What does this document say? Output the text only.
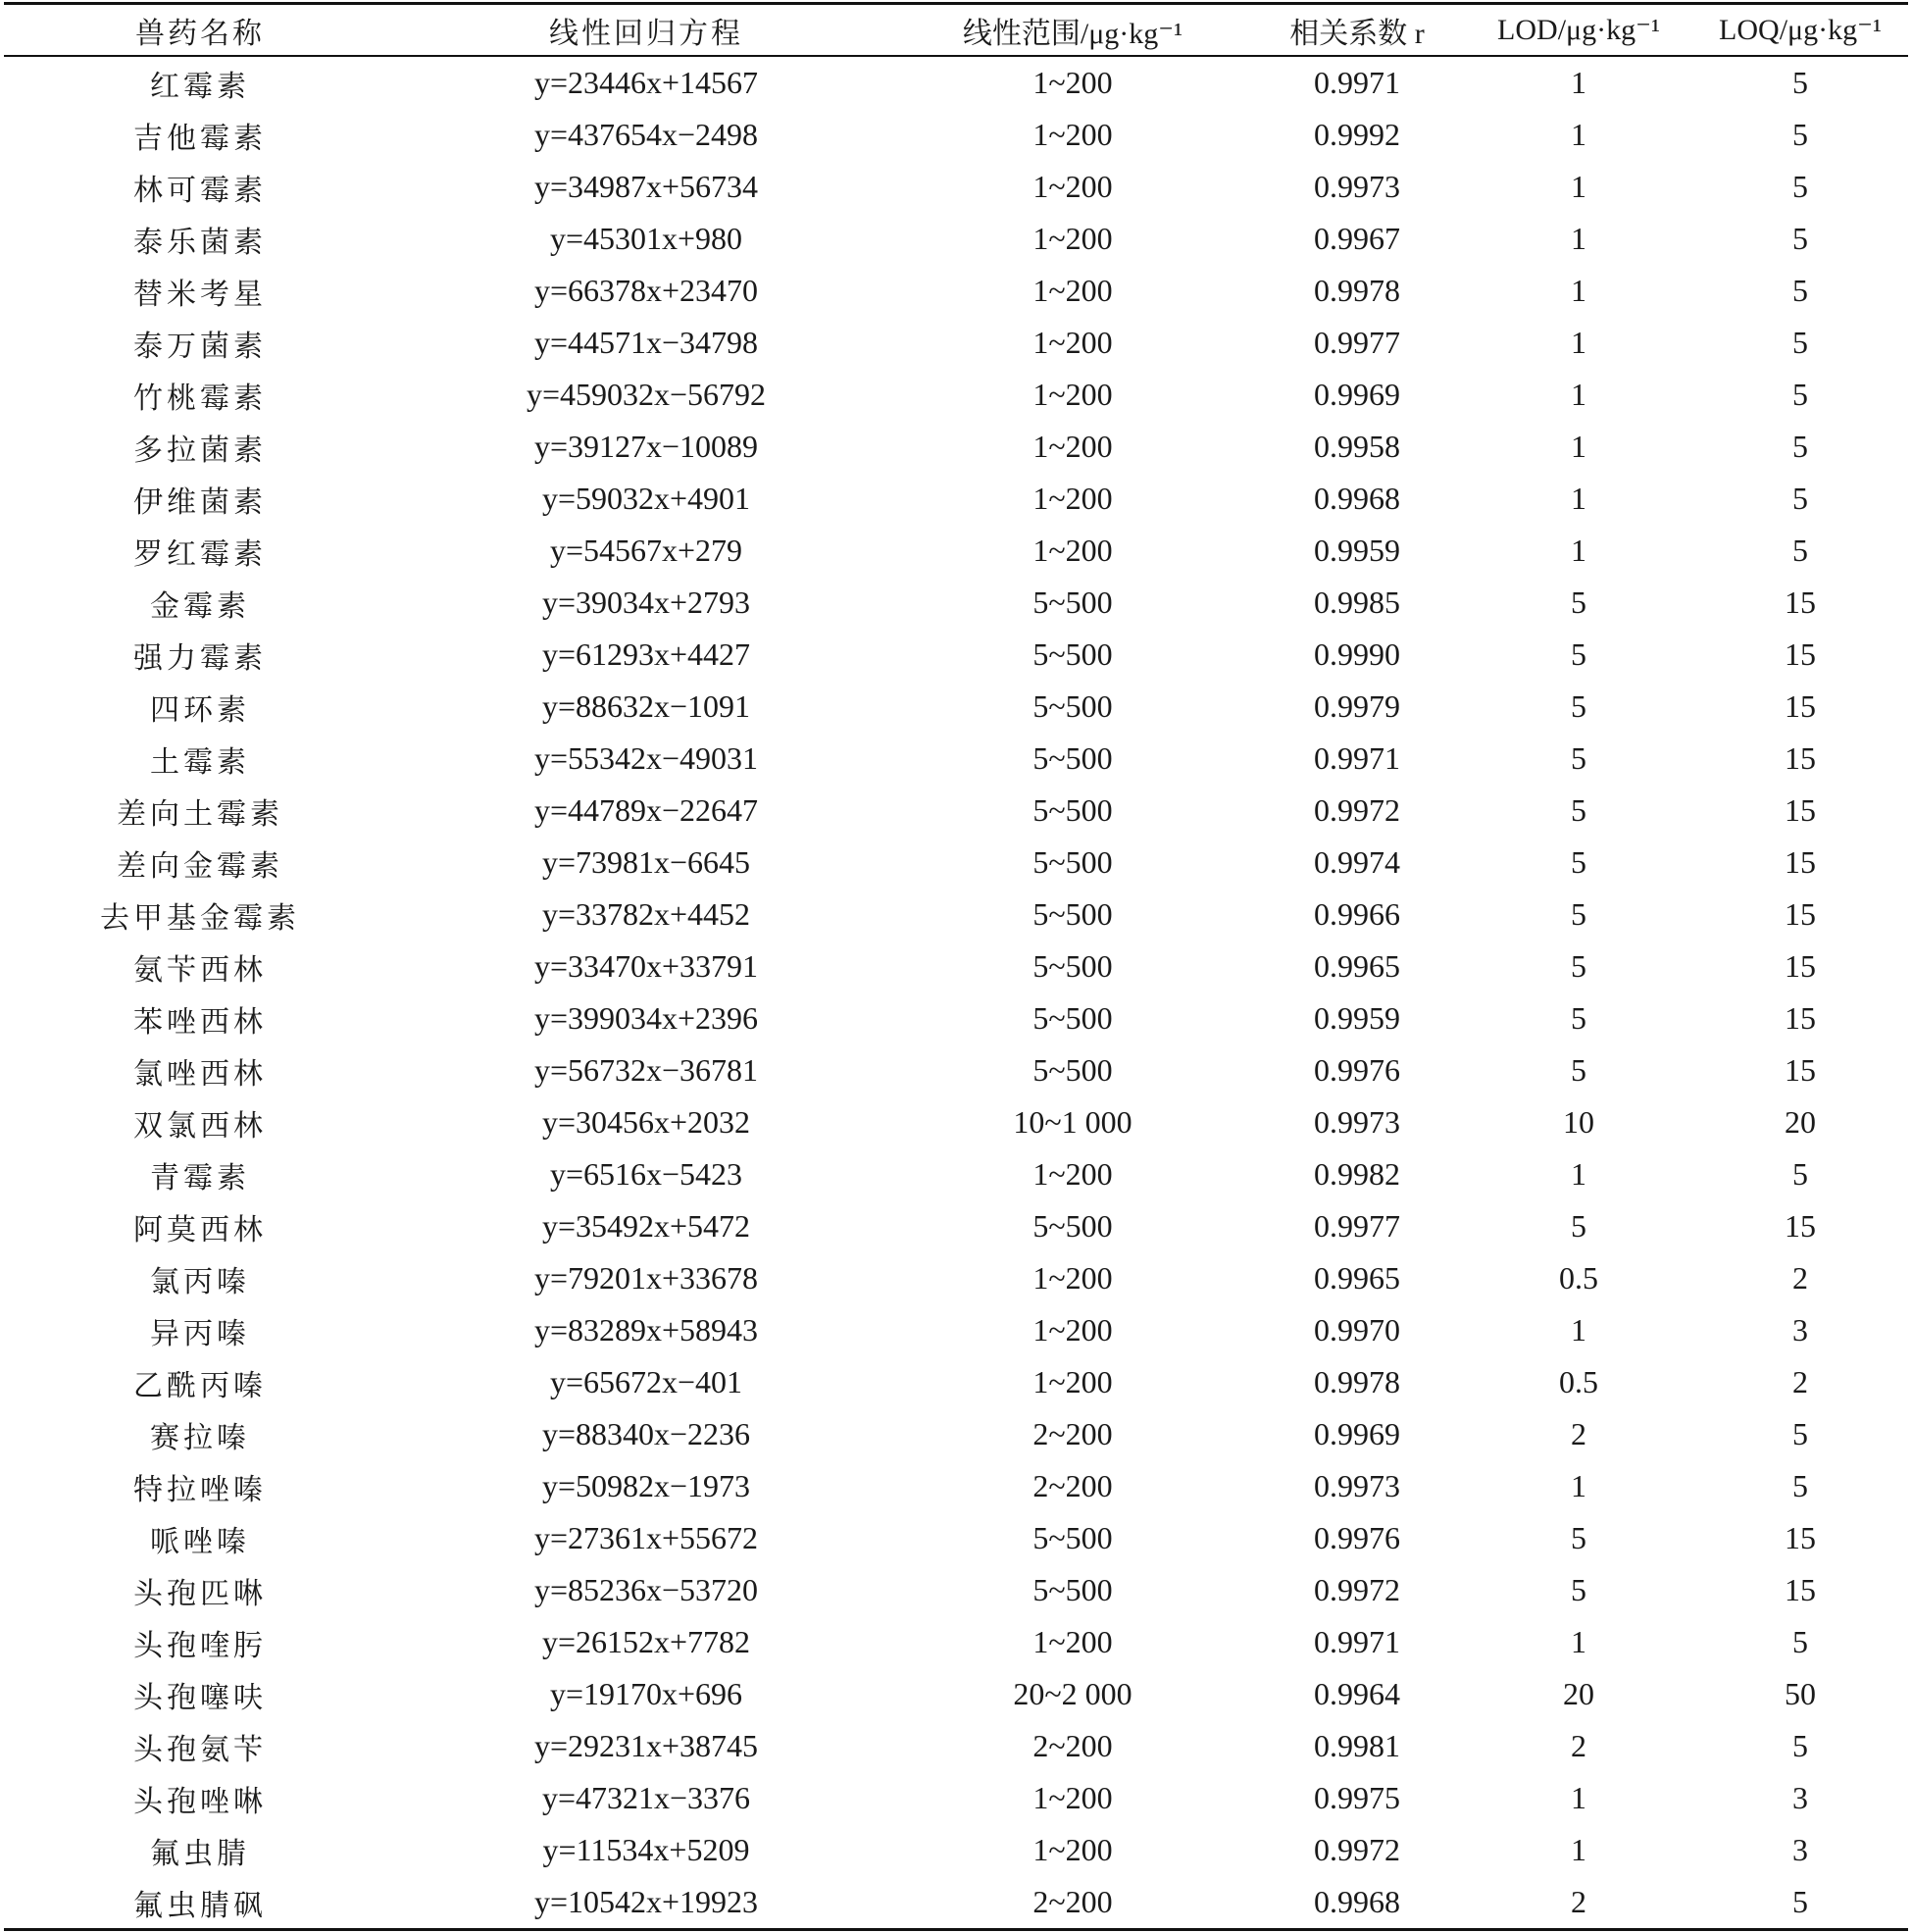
兽药名称	线性回归方程	线性范围/μg·kg⁻¹	相关系数 r	LOD/μg·kg⁻¹	LOQ/μg·kg⁻¹
红霉素	y=23446x+14567	1~200	0.9971	1	5
吉他霉素	y=437654x−2498	1~200	0.9992	1	5
林可霉素	y=34987x+56734	1~200	0.9973	1	5
泰乐菌素	y=45301x+980	1~200	0.9967	1	5
替米考星	y=66378x+23470	1~200	0.9978	1	5
泰万菌素	y=44571x−34798	1~200	0.9977	1	5
竹桃霉素	y=459032x−56792	1~200	0.9969	1	5
多拉菌素	y=39127x−10089	1~200	0.9958	1	5
伊维菌素	y=59032x+4901	1~200	0.9968	1	5
罗红霉素	y=54567x+279	1~200	0.9959	1	5
金霉素	y=39034x+2793	5~500	0.9985	5	15
强力霉素	y=61293x+4427	5~500	0.9990	5	15
四环素	y=88632x−1091	5~500	0.9979	5	15
土霉素	y=55342x−49031	5~500	0.9971	5	15
差向土霉素	y=44789x−22647	5~500	0.9972	5	15
差向金霉素	y=73981x−6645	5~500	0.9974	5	15
去甲基金霉素	y=33782x+4452	5~500	0.9966	5	15
氨苄西林	y=33470x+33791	5~500	0.9965	5	15
苯唑西林	y=399034x+2396	5~500	0.9959	5	15
氯唑西林	y=56732x−36781	5~500	0.9976	5	15
双氯西林	y=30456x+2032	10~1 000	0.9973	10	20
青霉素	y=6516x−5423	1~200	0.9982	1	5
阿莫西林	y=35492x+5472	5~500	0.9977	5	15
氯丙嗪	y=79201x+33678	1~200	0.9965	0.5	2
异丙嗪	y=83289x+58943	1~200	0.9970	1	3
乙酰丙嗪	y=65672x−401	1~200	0.9978	0.5	2
赛拉嗪	y=88340x−2236	2~200	0.9969	2	5
特拉唑嗪	y=50982x−1973	2~200	0.9973	1	5
哌唑嗪	y=27361x+55672	5~500	0.9976	5	15
头孢匹啉	y=85236x−53720	5~500	0.9972	5	15
头孢喹肟	y=26152x+7782	1~200	0.9971	1	5
头孢噻呋	y=19170x+696	20~2 000	0.9964	20	50
头孢氨苄	y=29231x+38745	2~200	0.9981	2	5
头孢唑啉	y=47321x−3376	1~200	0.9975	1	3
氟虫腈	y=11534x+5209	1~200	0.9972	1	3
氟虫腈砜	y=10542x+19923	2~200	0.9968	2	5
